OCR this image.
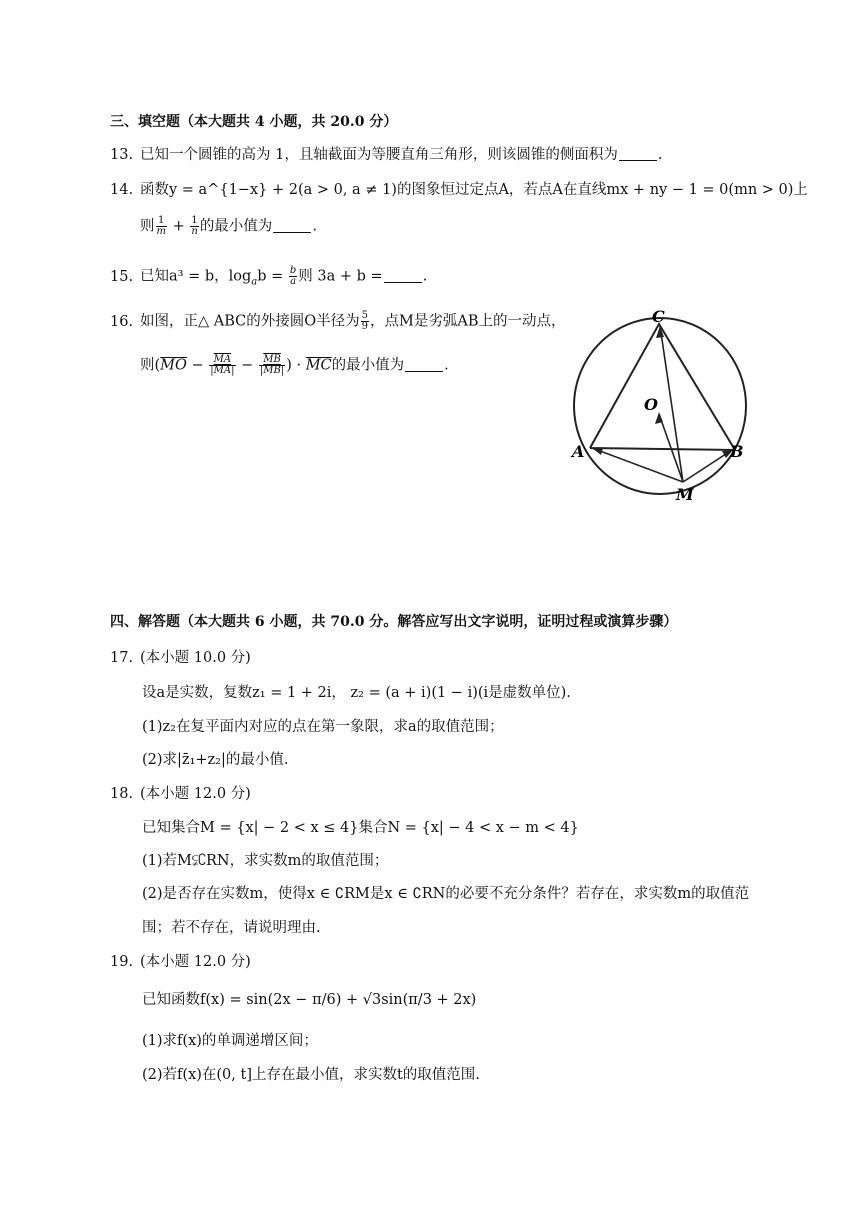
三、填空题（本大题共 4 小题，共 20.0 分）
13. 已知一个圆锥的高为 1，且轴截面为等腰直角三角形，则该圆锥的侧面积为	.
14. 函数y = a^{1−x} + 2(a > 0, a ≠ 1)的图象恒过定点A，若点A在直线mx + ny − 1 = 0(mn > 0)上
则 $\frac{1}{m} + \frac{1}{n}$ 的最小值为	.
15. 已知a³ = b，$\log_ab = \frac{b}{a}$ 则 3a + b =	.
16. 如图，正△ ABC的外接圆O半径为 $\frac{5}{9}$ ，点M是劣弧AB上的一动点，
则($\overline{MO} - \frac{\overline{MA}}{|\overline{MA}|} - \frac{\overline{MB}}{|\overline{MB}|}$ ) · $\overline{MC}$的最小值为	.
C
O
A	B
M
四、解答题（本大题共 6 小题，共 70.0 分。解答应写出文字说明，证明过程或演算步骤）
17. (本小题 10.0 分)
设a是实数，复数z₁ = 1 + 2i， z₂ = (a + i)(1 − i)(i是虚数单位).
(1)z₂在复平面内对应的点在第一象限，求a的取值范围；
(2)求|z̄₁+z₂|的最小值.
18. (本小题 12.0 分)
已知集合M = {x| − 2 < x ≤ 4}集合N = {x| − 4 < x − m < 4}
(1)若M⫋∁RN，求实数m的取值范围；
(2)是否存在实数m，使得x ∈ ∁RM是x ∈ ∁RN的必要不充分条件？若存在，求实数m的取值范
围；若不存在，请说明理由.
19. (本小题 12.0 分)
已知函数f(x) = sin(2x − π/6) + √3sin(π/3 + 2x)
(1)求f(x)的单调递增区间；
(2)若f(x)在(0, t]上存在最小值，求实数t的取值范围.
